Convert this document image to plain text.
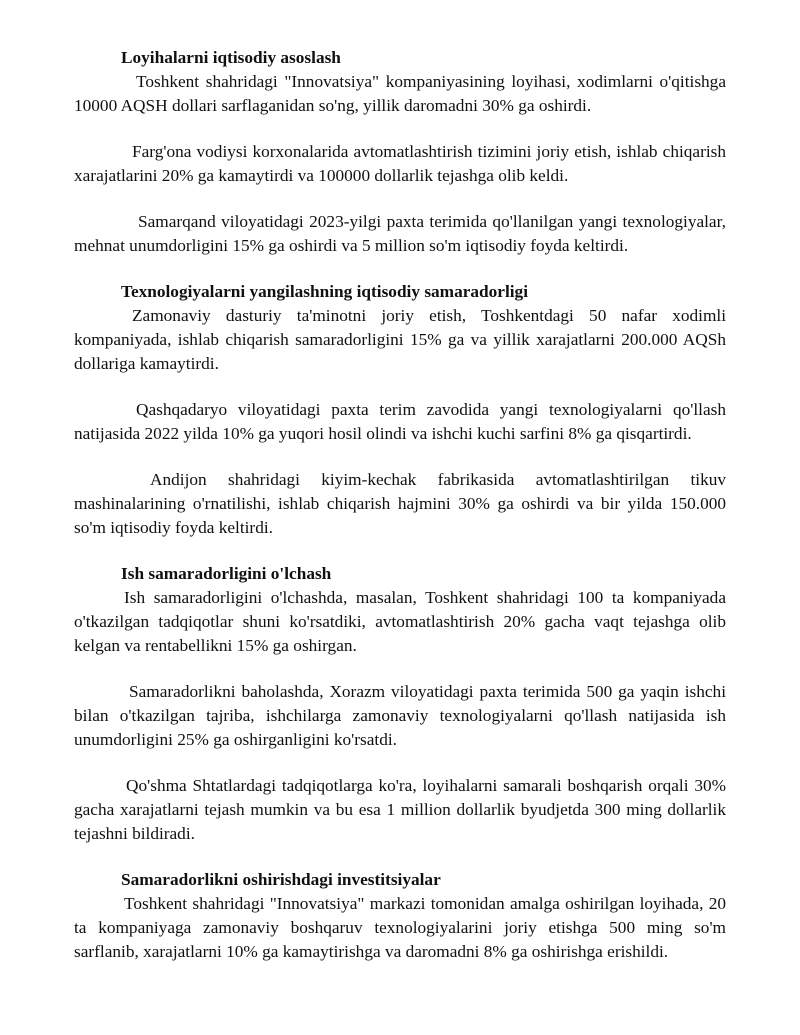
Loyihalarni iqtisodiy asoslash

Toshkent shahridagi "Innovatsiya" kompaniyasining loyihasi, xodimlarni o'qitishga 10000 AQSH dollari sarflaganidan so'ng, yillik daromadni 30% ga oshirdi.

Farg'ona vodiysi korxonalarida avtomatlashtirish tizimini joriy etish, ishlab chiqarish xarajatlarini 20% ga kamaytirdi va 100000 dollarlik tejashga olib keldi.

Samarqand viloyatidagi 2023-yilgi paxta terimida qo'llanilgan yangi texnologiyalar, mehnat unumdorligini 15% ga oshirdi va 5 million so'm iqtisodiy foyda keltirdi.

Texnologiyalarni yangilashning iqtisodiy samaradorligi

Zamonaviy dasturiy ta'minotni joriy etish, Toshkentdagi 50 nafar xodimli kompaniyada, ishlab chiqarish samaradorligini 15% ga va yillik xarajatlarni 200.000 AQSh dollariga kamaytirdi.

Qashqadaryo viloyatidagi paxta terim zavodida yangi texnologiyalarni qo'llash natijasida 2022 yilda 10% ga yuqori hosil olindi va ishchi kuchi sarfini 8% ga qisqartirdi.

Andijon shahridagi kiyim-kechak fabrikasida avtomatlashtirilgan tikuv mashinalarining o'rnatilishi, ishlab chiqarish hajmini 30% ga oshirdi va bir yilda 150.000 so'm iqtisodiy foyda keltirdi.

Ish samaradorligini o'lchash

Ish samaradorligini o'lchashda, masalan, Toshkent shahridagi 100 ta kompaniyada o'tkazilgan tadqiqotlar shuni ko'rsatdiki, avtomatlashtirish 20% gacha vaqt tejashga olib kelgan va rentabellikni 15% ga oshirgan.

Samaradorlikni baholashda, Xorazm viloyatidagi paxta terimida 500 ga yaqin ishchi bilan o'tkazilgan tajriba, ishchilarga zamonaviy texnologiyalarni qo'llash natijasida ish unumdorligini 25% ga oshirganligini ko'rsatdi.

Qo'shma Shtatlardagi tadqiqotlarga ko'ra, loyihalarni samarali boshqarish orqali 30% gacha xarajatlarni tejash mumkin va bu esa 1 million dollarlik byudjetda 300 ming dollarlik tejashni bildiradi.

Samaradorlikni oshirishdagi investitsiyalar

Toshkent shahridagi "Innovatsiya" markazi tomonidan amalga oshirilgan loyihada, 20 ta kompaniyaga zamonaviy boshqaruv texnologiyalarini joriy etishga 500 ming so'm sarflanib, xarajatlarni 10% ga kamaytirishga va daromadni 8% ga oshirishga erishildi.
